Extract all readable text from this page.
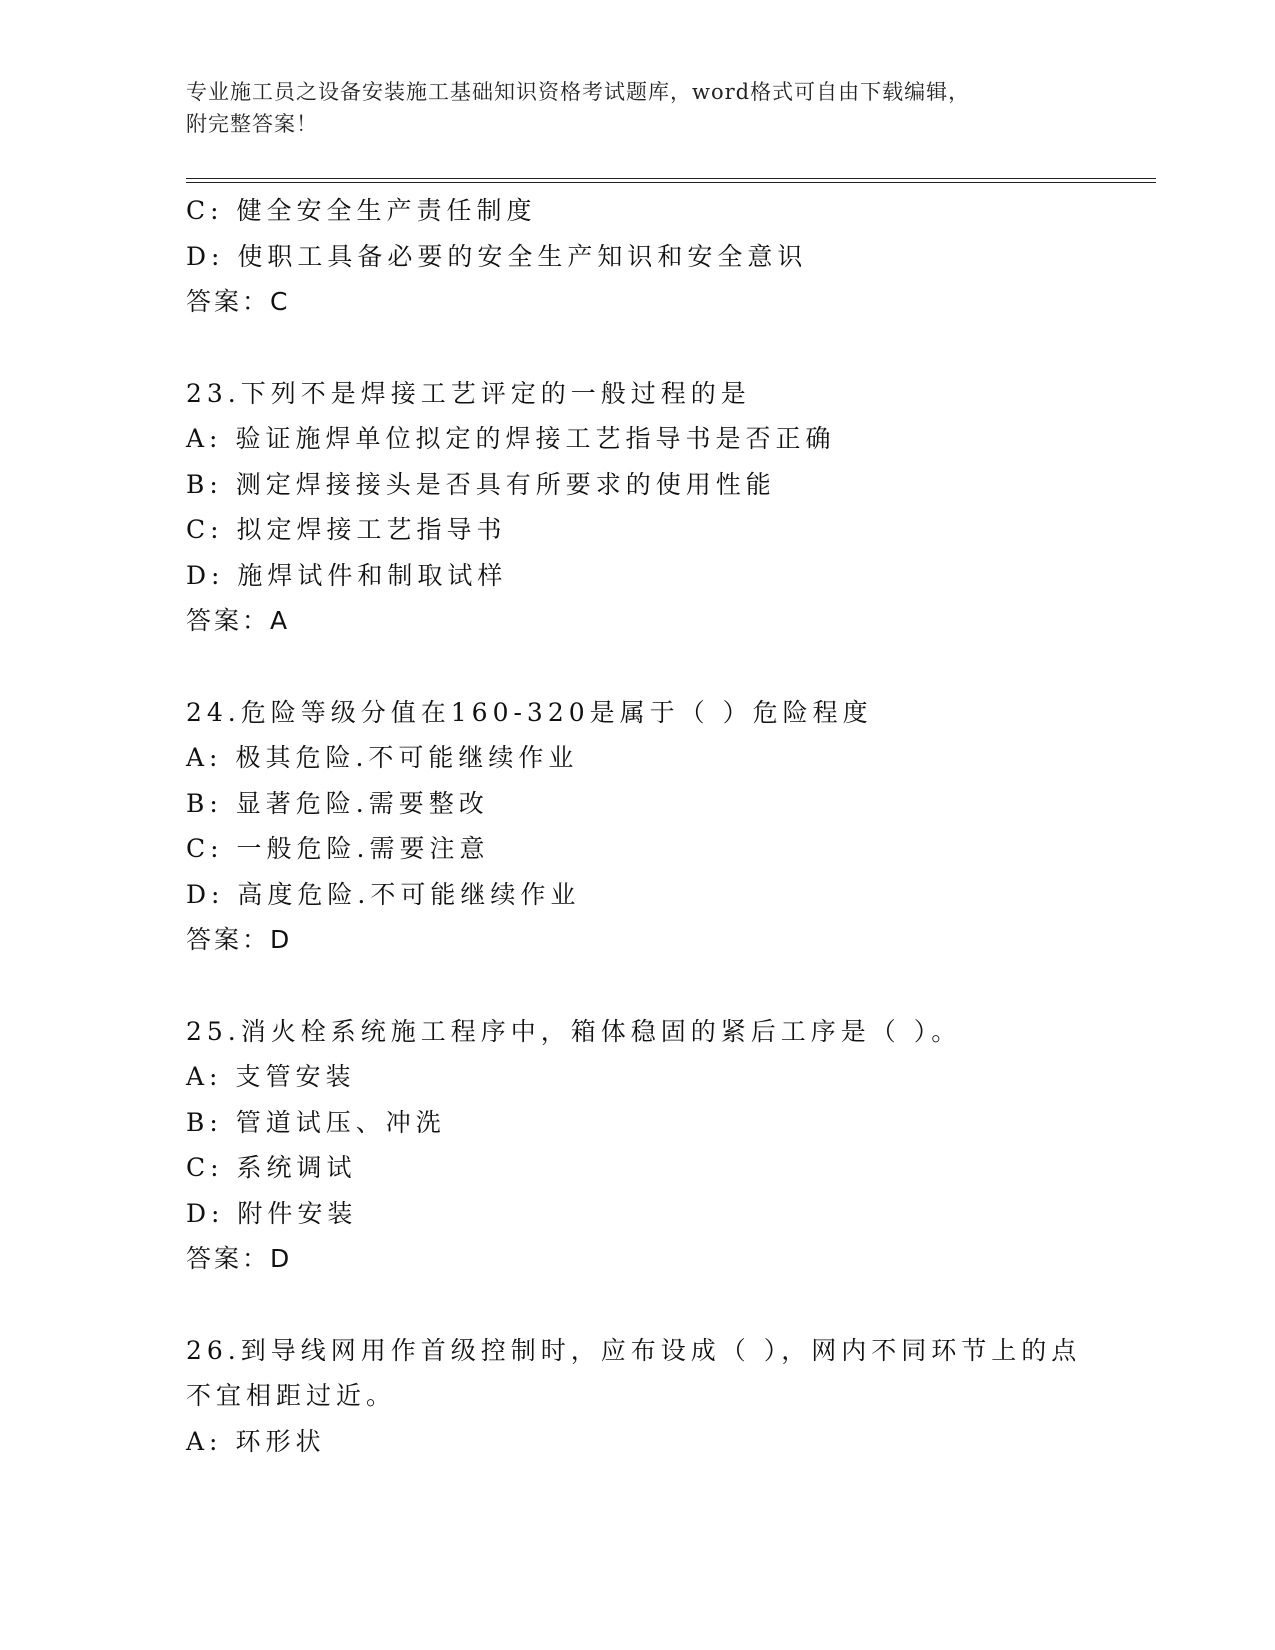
专业施工员之设备安装施工基础知识资格考试题库，word格式可自由下载编辑，
附完整答案！
C: 健全安全生产责任制度
D: 使职工具备必要的安全生产知识和安全意识
答案：C
23.下列不是焊接工艺评定的一般过程的是
A: 验证施焊单位拟定的焊接工艺指导书是否正确
B: 测定焊接接头是否具有所要求的使用性能
C: 拟定焊接工艺指导书
D: 施焊试件和制取试样
答案：A
24.危险等级分值在160-320是属于（ ）危险程度
A: 极其危险.不可能继续作业
B: 显著危险.需要整改
C: 一般危险.需要注意
D: 高度危险.不可能继续作业
答案：D
25.消火栓系统施工程序中，箱体稳固的紧后工序是（ ）。
A: 支管安装
B: 管道试压、冲洗
C: 系统调试
D: 附件安装
答案：D
26.到导线网用作首级控制时，应布设成（ ），网内不同环节上的点
不宜相距过近。
A: 环形状
